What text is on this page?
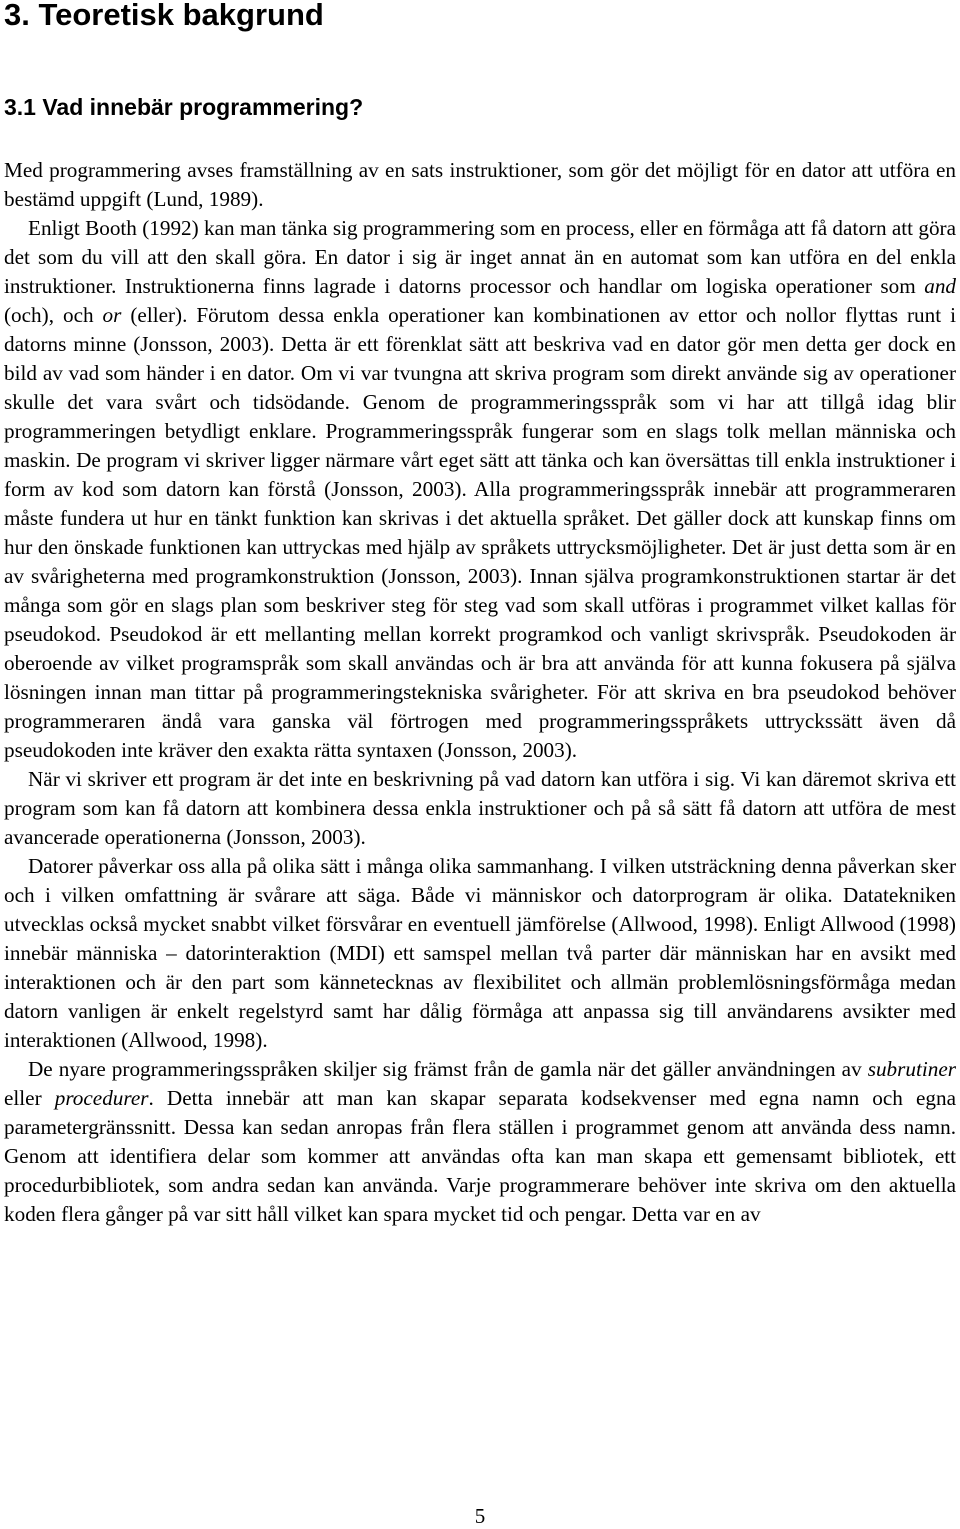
3. Teoretisk bakgrund
3.1 Vad innebär programmering?

Med programmering avses framställning av en sats instruktioner, som gör det möjligt för en dator att utföra en bestämd uppgift (Lund, 1989).

Enligt Booth (1992) kan man tänka sig programmering som en process, eller en förmåga att få datorn att göra det som du vill att den skall göra. En dator i sig är inget annat än en automat som kan utföra en del enkla instruktioner. Instruktionerna finns lagrade i datorns processor och handlar om logiska operationer som and (och), och or (eller). Förutom dessa enkla operationer kan kombinationen av ettor och nollor flyttas runt i datorns minne (Jonsson, 2003). Detta är ett förenklat sätt att beskriva vad en dator gör men detta ger dock en bild av vad som händer i en dator. Om vi var tvungna att skriva program som direkt använde sig av operationer skulle det vara svårt och tidsödande. Genom de programmeringsspråk som vi har att tillgå idag blir programmeringen betydligt enklare. Programmeringsspråk fungerar som en slags tolk mellan människa och maskin. De program vi skriver ligger närmare vårt eget sätt att tänka och kan översättas till enkla instruktioner i form av kod som datorn kan förstå (Jonsson, 2003). Alla programmeringsspråk innebär att programmeraren måste fundera ut hur en tänkt funktion kan skrivas i det aktuella språket. Det gäller dock att kunskap finns om hur den önskade funktionen kan uttryckas med hjälp av språkets uttrycksmöjligheter. Det är just detta som är en av svårigheterna med programkonstruktion (Jonsson, 2003). Innan själva programkonstruktionen startar är det många som gör en slags plan som beskriver steg för steg vad som skall utföras i programmet vilket kallas för pseudokod. Pseudokod är ett mellanting mellan korrekt programkod och vanligt skrivspråk. Pseudokoden är oberoende av vilket programspråk som skall användas och är bra att använda för att kunna fokusera på själva lösningen innan man tittar på programmeringstekniska svårigheter. För att skriva en bra pseudokod behöver programmeraren ändå vara ganska väl förtrogen med programmeringsspråkets uttryckssätt även då pseudokoden inte kräver den exakta rätta syntaxen (Jonsson, 2003).

När vi skriver ett program är det inte en beskrivning på vad datorn kan utföra i sig. Vi kan däremot skriva ett program som kan få datorn att kombinera dessa enkla instruktioner och på så sätt få datorn att utföra de mest avancerade operationerna (Jonsson, 2003).

Datorer påverkar oss alla på olika sätt i många olika sammanhang. I vilken utsträckning denna påverkan sker och i vilken omfattning är svårare att säga. Både vi människor och datorprogram är olika. Datatekniken utvecklas också mycket snabbt vilket försvårar en eventuell jämförelse (Allwood, 1998). Enligt Allwood (1998) innebär människa – datorinteraktion (MDI) ett samspel mellan två parter där människan har en avsikt med interaktionen och är den part som kännetecknas av flexibilitet och allmän problemlösningsförmåga medan datorn vanligen är enkelt regelstyrd samt har dålig förmåga att anpassa sig till användarens avsikter med interaktionen (Allwood, 1998).

De nyare programmeringsspråken skiljer sig främst från de gamla när det gäller användningen av subrutiner eller procedurer. Detta innebär att man kan skapar separata kodsekvenser med egna namn och egna parametergränssnitt. Dessa kan sedan anropas från flera ställen i programmet genom att använda dess namn. Genom att identifiera delar som kommer att användas ofta kan man skapa ett gemensamt bibliotek, ett procedurbibliotek, som andra sedan kan använda. Varje programmerare behöver inte skriva om den aktuella koden flera gånger på var sitt håll vilket kan spara mycket tid och pengar. Detta var en av

5
